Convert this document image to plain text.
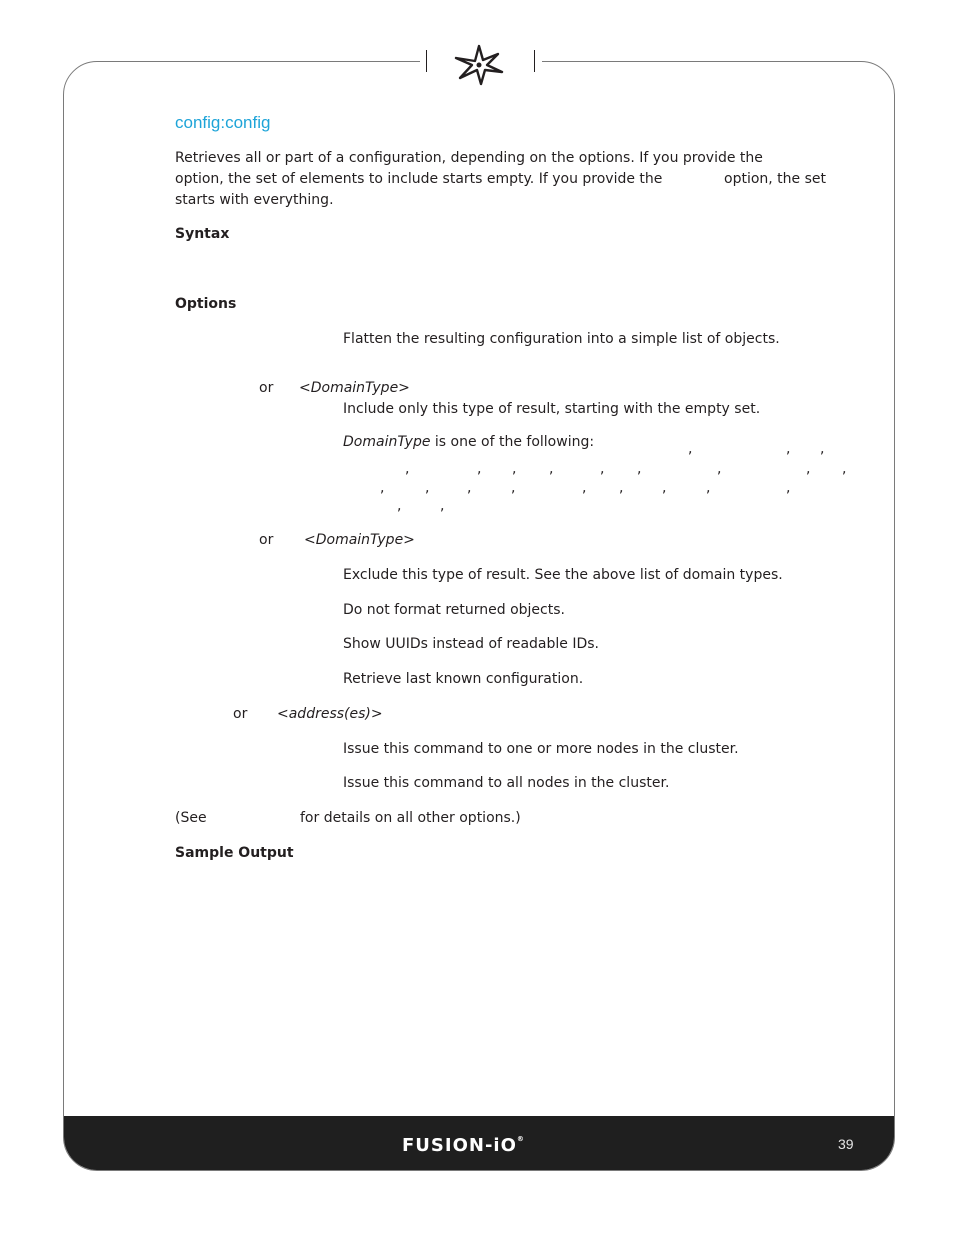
FUSION-iO®	39
config:config
Retrieves all or part of a configuration, depending on the options. If you provide the
option, the set of elements to include starts empty. If you provide the	option, the set
starts with everything.
Syntax
Options
Flatten the resulting configuration into a simple list of objects.
or <DomainType>
Include only this type of result, starting with the empty set.
DomainType is one of the following:	,	, ,
,	, , ,	, ,	,	, ,
,	,	,	,	, ,	,	,	,
,	,
or <DomainType>
Exclude this type of result. See the above list of domain types.
Do not format returned objects.
Show UUIDs instead of readable IDs.
Retrieve last known configuration.
or <address(es)>
Issue this command to one or more nodes in the cluster.
Issue this command to all nodes in the cluster.
(See	for details on all other options.)
Sample Output
